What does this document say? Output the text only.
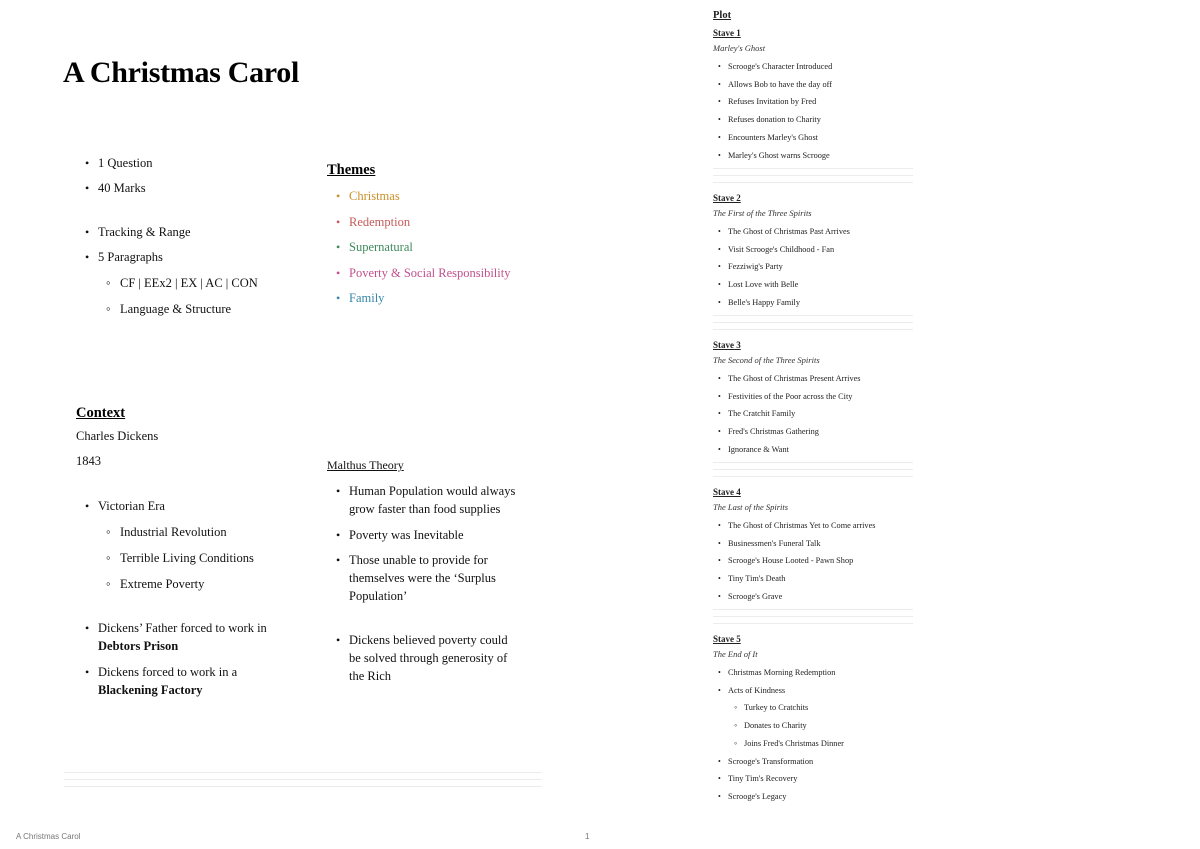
A Christmas Carol
• 1 Question
• 40 Marks
• Tracking & Range
• 5 Paragraphs
◦ CF | EEx2 | EX | AC | CON
◦ Language & Structure
Themes
• Christmas
• Redemption
• Supernatural
• Poverty & Social Responsibility
• Family
Context
Charles Dickens
1843
• Victorian Era
◦ Industrial Revolution
◦ Terrible Living Conditions
◦ Extreme Poverty
• Dickens’ Father forced to work in
Debtors Prison
• Dickens forced to work in a
Blackening Factory
Malthus Theory
• Human Population would always
grow faster than food supplies
• Poverty was Inevitable
• Those unable to provide for
themselves were the ‘Surplus
Population’
• Dickens believed poverty could
be solved through generosity of
the Rich
Plot
Stave 1
Marley's Ghost
• Scrooge's Character Introduced
• Allows Bob to have the day off
• Refuses Invitation by Fred
• Refuses donation to Charity
• Encounters Marley's Ghost
• Marley's Ghost warns Scrooge
Stave 2
The First of the Three Spirits
• The Ghost of Christmas Past Arrives
• Visit Scrooge's Childhood - Fan
• Fezziwig's Party
• Lost Love with Belle
• Belle's Happy Family
Stave 3
The Second of the Three Spirits
• The Ghost of Christmas Present Arrives
• Festivities of the Poor across the City
• The Cratchit Family
• Fred's Christmas Gathering
• Ignorance & Want
Stave 4
The Last of the Spirits
• The Ghost of Christmas Yet to Come arrives
• Businessmen's Funeral Talk
• Scrooge's House Looted - Pawn Shop
• Tiny Tim's Death
• Scrooge's Grave
Stave 5
The End of It
• Christmas Morning Redemption
• Acts of Kindness
◦ Turkey to Cratchits
◦ Donates to Charity
◦ Joins Fred's Christmas Dinner
• Scrooge's Transformation
• Tiny Tim's Recovery
• Scrooge's Legacy
A Christmas Carol	1
